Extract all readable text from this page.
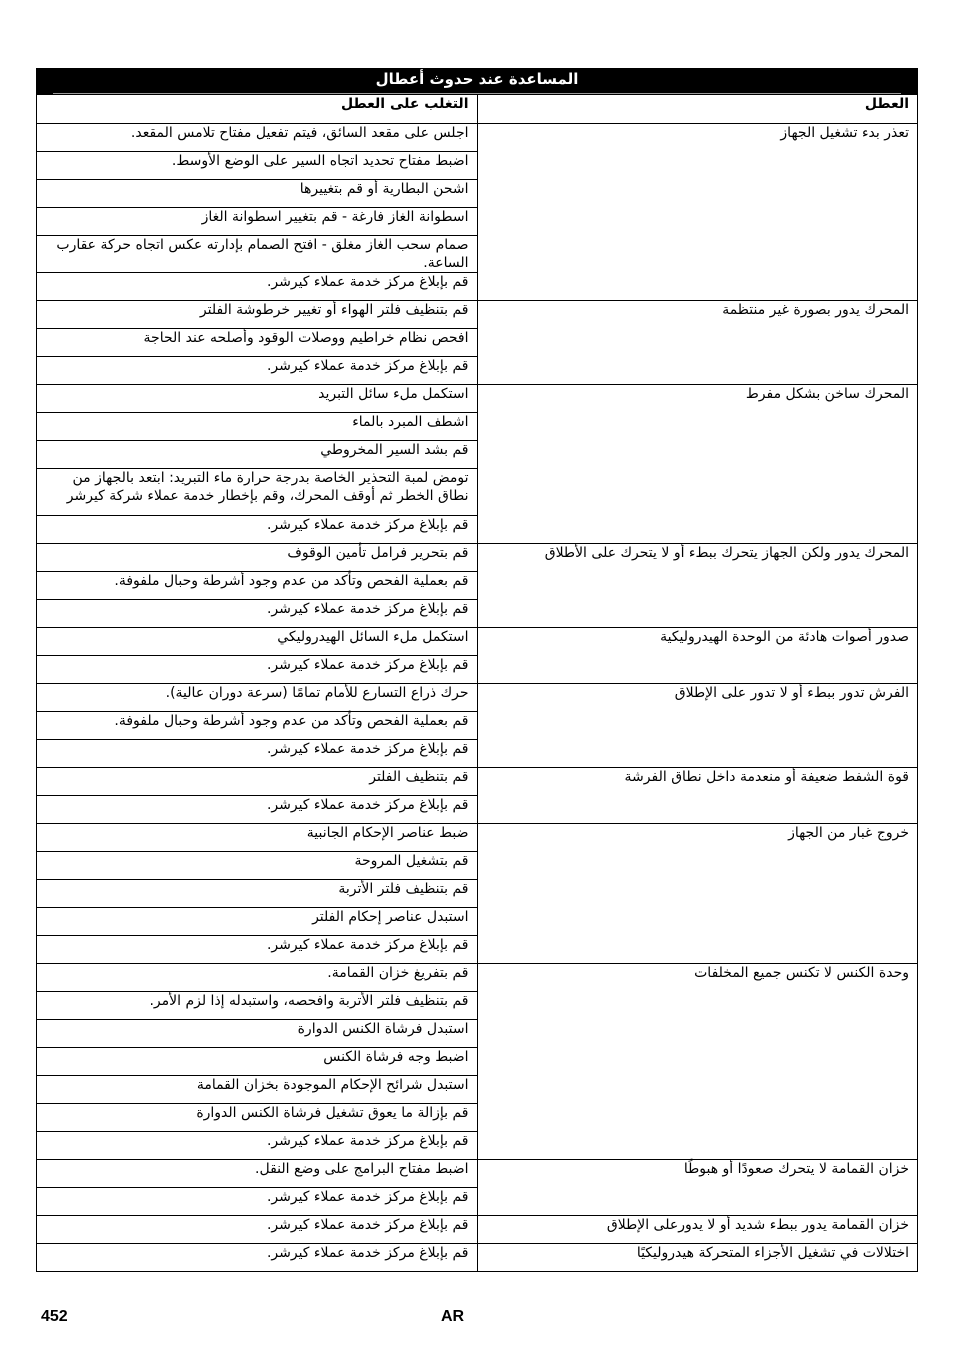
المساعدة عند حدوث أعطال	

العطل	التغلب على العطل
تعذر بدء تشغيل الجهاز	اجلس على مقعد السائق، فيتم تفعيل مفتاح تلامس المقعد.
	اضبط مفتاح تحديد اتجاه السير على الوضع الأوسط.
	اشحن البطارية أو قم بتغييرها
	اسطوانة الغاز فارغة - قم بتغيير اسطوانة الغاز
	صمام سحب الغاز مغلق - افتح الصمام بإدارته عكس اتجاه حركة عقارب الساعة.
	قم بإبلاغ مركز خدمة عملاء كيرشر.
المحرك يدور بصورة غير منتظمة	قم بتنظيف فلتر الهواء أو تغيير خرطوشة الفلتر
	افحص نظام خراطيم ووصلات الوقود وأصلحه عند الحاجة
	قم بإبلاغ مركز خدمة عملاء كيرشر.
المحرك ساخن بشكل مفرط	استكمل ملء سائل التبريد
	اشطف المبرد بالماء
	قم بشد السير المخروطي
	تومض لمبة التحذير الخاصة بدرجة حرارة ماء التبريد: ابتعد بالجهاز من نطاق الخطر ثم أوقف المحرك، وقم بإخطار خدمة عملاء شركة كيرشر
	قم بإبلاغ مركز خدمة عملاء كيرشر.
المحرك يدور ولكن الجهاز يتحرك ببطء أو لا يتحرك على الأطلاق	قم بتحرير فرامل تأمين الوقوف
	قم بعملية الفحص وتأكد من عدم وجود أشرطة وحبال ملفوفة.
	قم بإبلاغ مركز خدمة عملاء كيرشر.
صدور أصوات هادئة من الوحدة الهيدروليكية	استكمل ملء السائل الهيدروليكي
	قم بإبلاغ مركز خدمة عملاء كيرشر.
الفرش تدور ببطء أو لا تدور على الإطلاق	حرك ذراع التسارع للأمام تمامًا (سرعة دوران عالية).
	قم بعملية الفحص وتأكد من عدم وجود أشرطة وحبال ملفوفة.
	قم بإبلاغ مركز خدمة عملاء كيرشر.
قوة الشفط ضعيفة أو منعدمة داخل نطاق الفرشة	قم بتنظيف الفلتر
	قم بإبلاغ مركز خدمة عملاء كيرشر.
خروج غبار من الجهاز	ضبط عناصر الإحكام الجانبية
	قم بتشغيل المروحة
	قم بتنظيف فلتر الأتربة
	استبدل عناصر إحكام الفلتر
	قم بإبلاغ مركز خدمة عملاء كيرشر.
وحدة الكنس لا تكنس جميع المخلفات	قم بتفريغ خزان القمامة.
	قم بتنظيف فلتر الأتربة وافحصه، واستبدله إذا لزم الأمر.
	استبدل فرشاة الكنس الدوارة
	اضبط وجه فرشاة الكنس
	استبدل شرائح الإحكام الموجودة بخزان القمامة
	قم بإزالة ما يعوق تشغيل فرشاة الكنس الدوارة
	قم بإبلاغ مركز خدمة عملاء كيرشر.
خزان القمامة لا يتحرك صعودًا أو هبوطًا	اضبط مفتاح البرامج على وضع النقل.
	قم بإبلاغ مركز خدمة عملاء كيرشر.
خزان القمامة يدور ببطء شديد أو لا يدورعلى الإطلاق	قم بإبلاغ مركز خدمة عملاء كيرشر.
اختلالات في تشغيل الأجزاء المتحركة هيدروليكيًا	قم بإبلاغ مركز خدمة عملاء كيرشر.
452	AR
